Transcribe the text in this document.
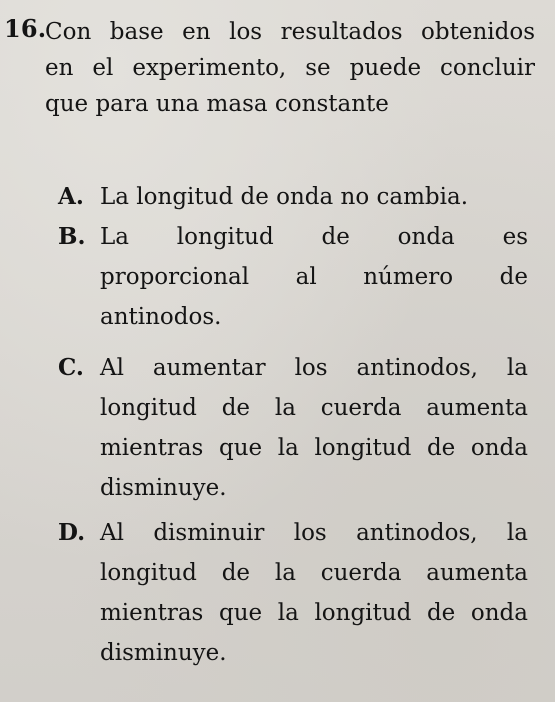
16.
Con base en los resultados obtenidos
en el experimento, se puede concluir
que para una masa constante
A. La longitud de onda no cambia.
B. La longitud de onda es
proporcional al número de
antinodos.
C. Al aumentar los antinodos, la
longitud de la cuerda aumenta
mientras que la longitud de onda
disminuye.
D. Al disminuir los antinodos, la
longitud de la cuerda aumenta
mientras que la longitud de onda
disminuye.
